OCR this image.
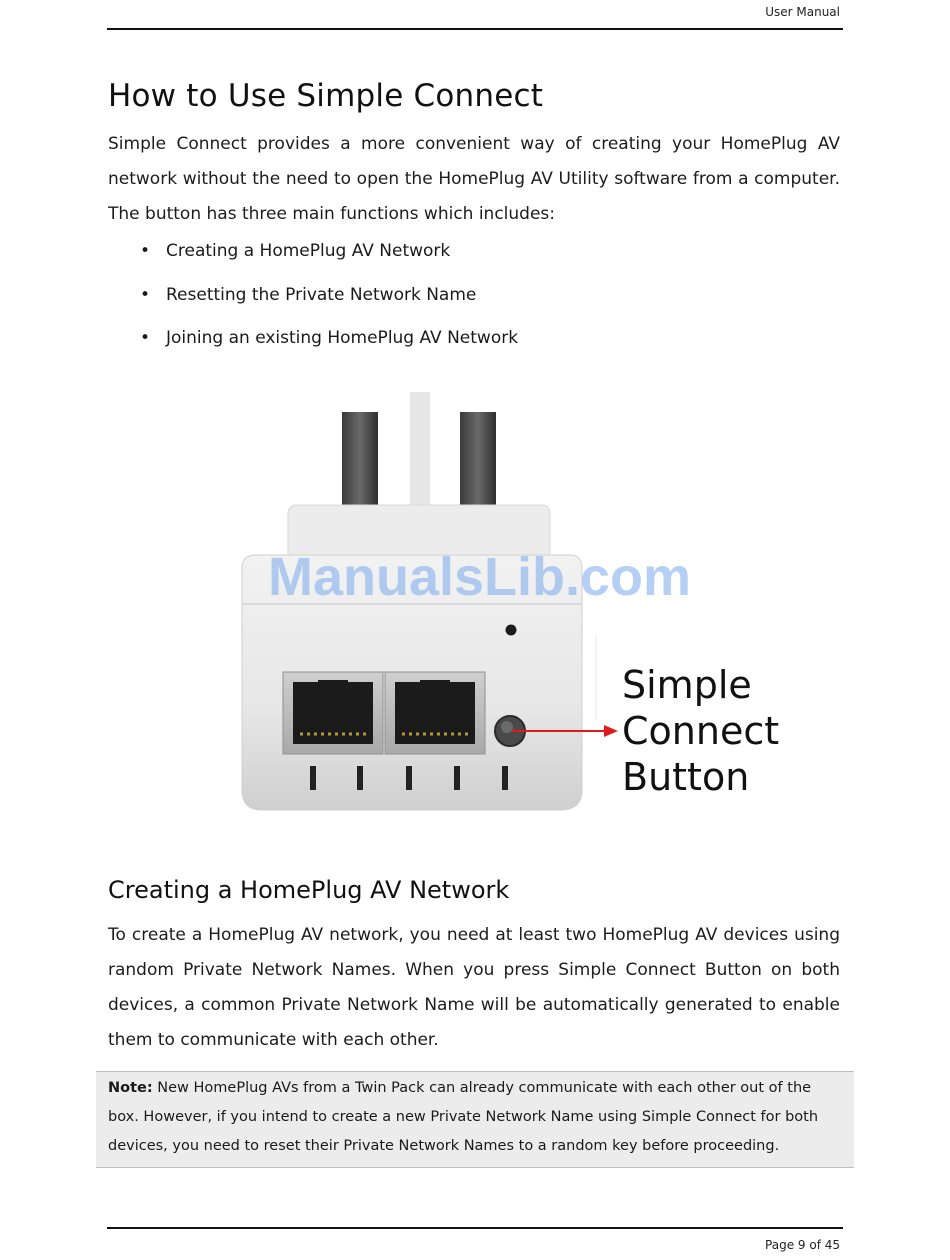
User Manual
How to Use Simple Connect

Simple Connect provides a more convenient way of creating your HomePlug AV network without the need to open the HomePlug AV Utility software from a computer. The button has three main functions which includes:

• Creating a HomePlug AV Network
• Resetting the Private Network Name
• Joining an existing HomePlug AV Network
ManualsLib.com
Simple
Connect
Button
Creating a HomePlug AV Network

To create a HomePlug AV network, you need at least two HomePlug AV devices using random Private Network Names. When you press Simple Connect Button on both devices, a common Private Network Name will be automatically generated to enable them to communicate with each other.

Note: New HomePlug AVs from a Twin Pack can already communicate with each other out of the box. However, if you intend to create a new Private Network Name using Simple Connect for both devices, you need to reset their Private Network Names to a random key before proceeding.

Page 9 of 45
